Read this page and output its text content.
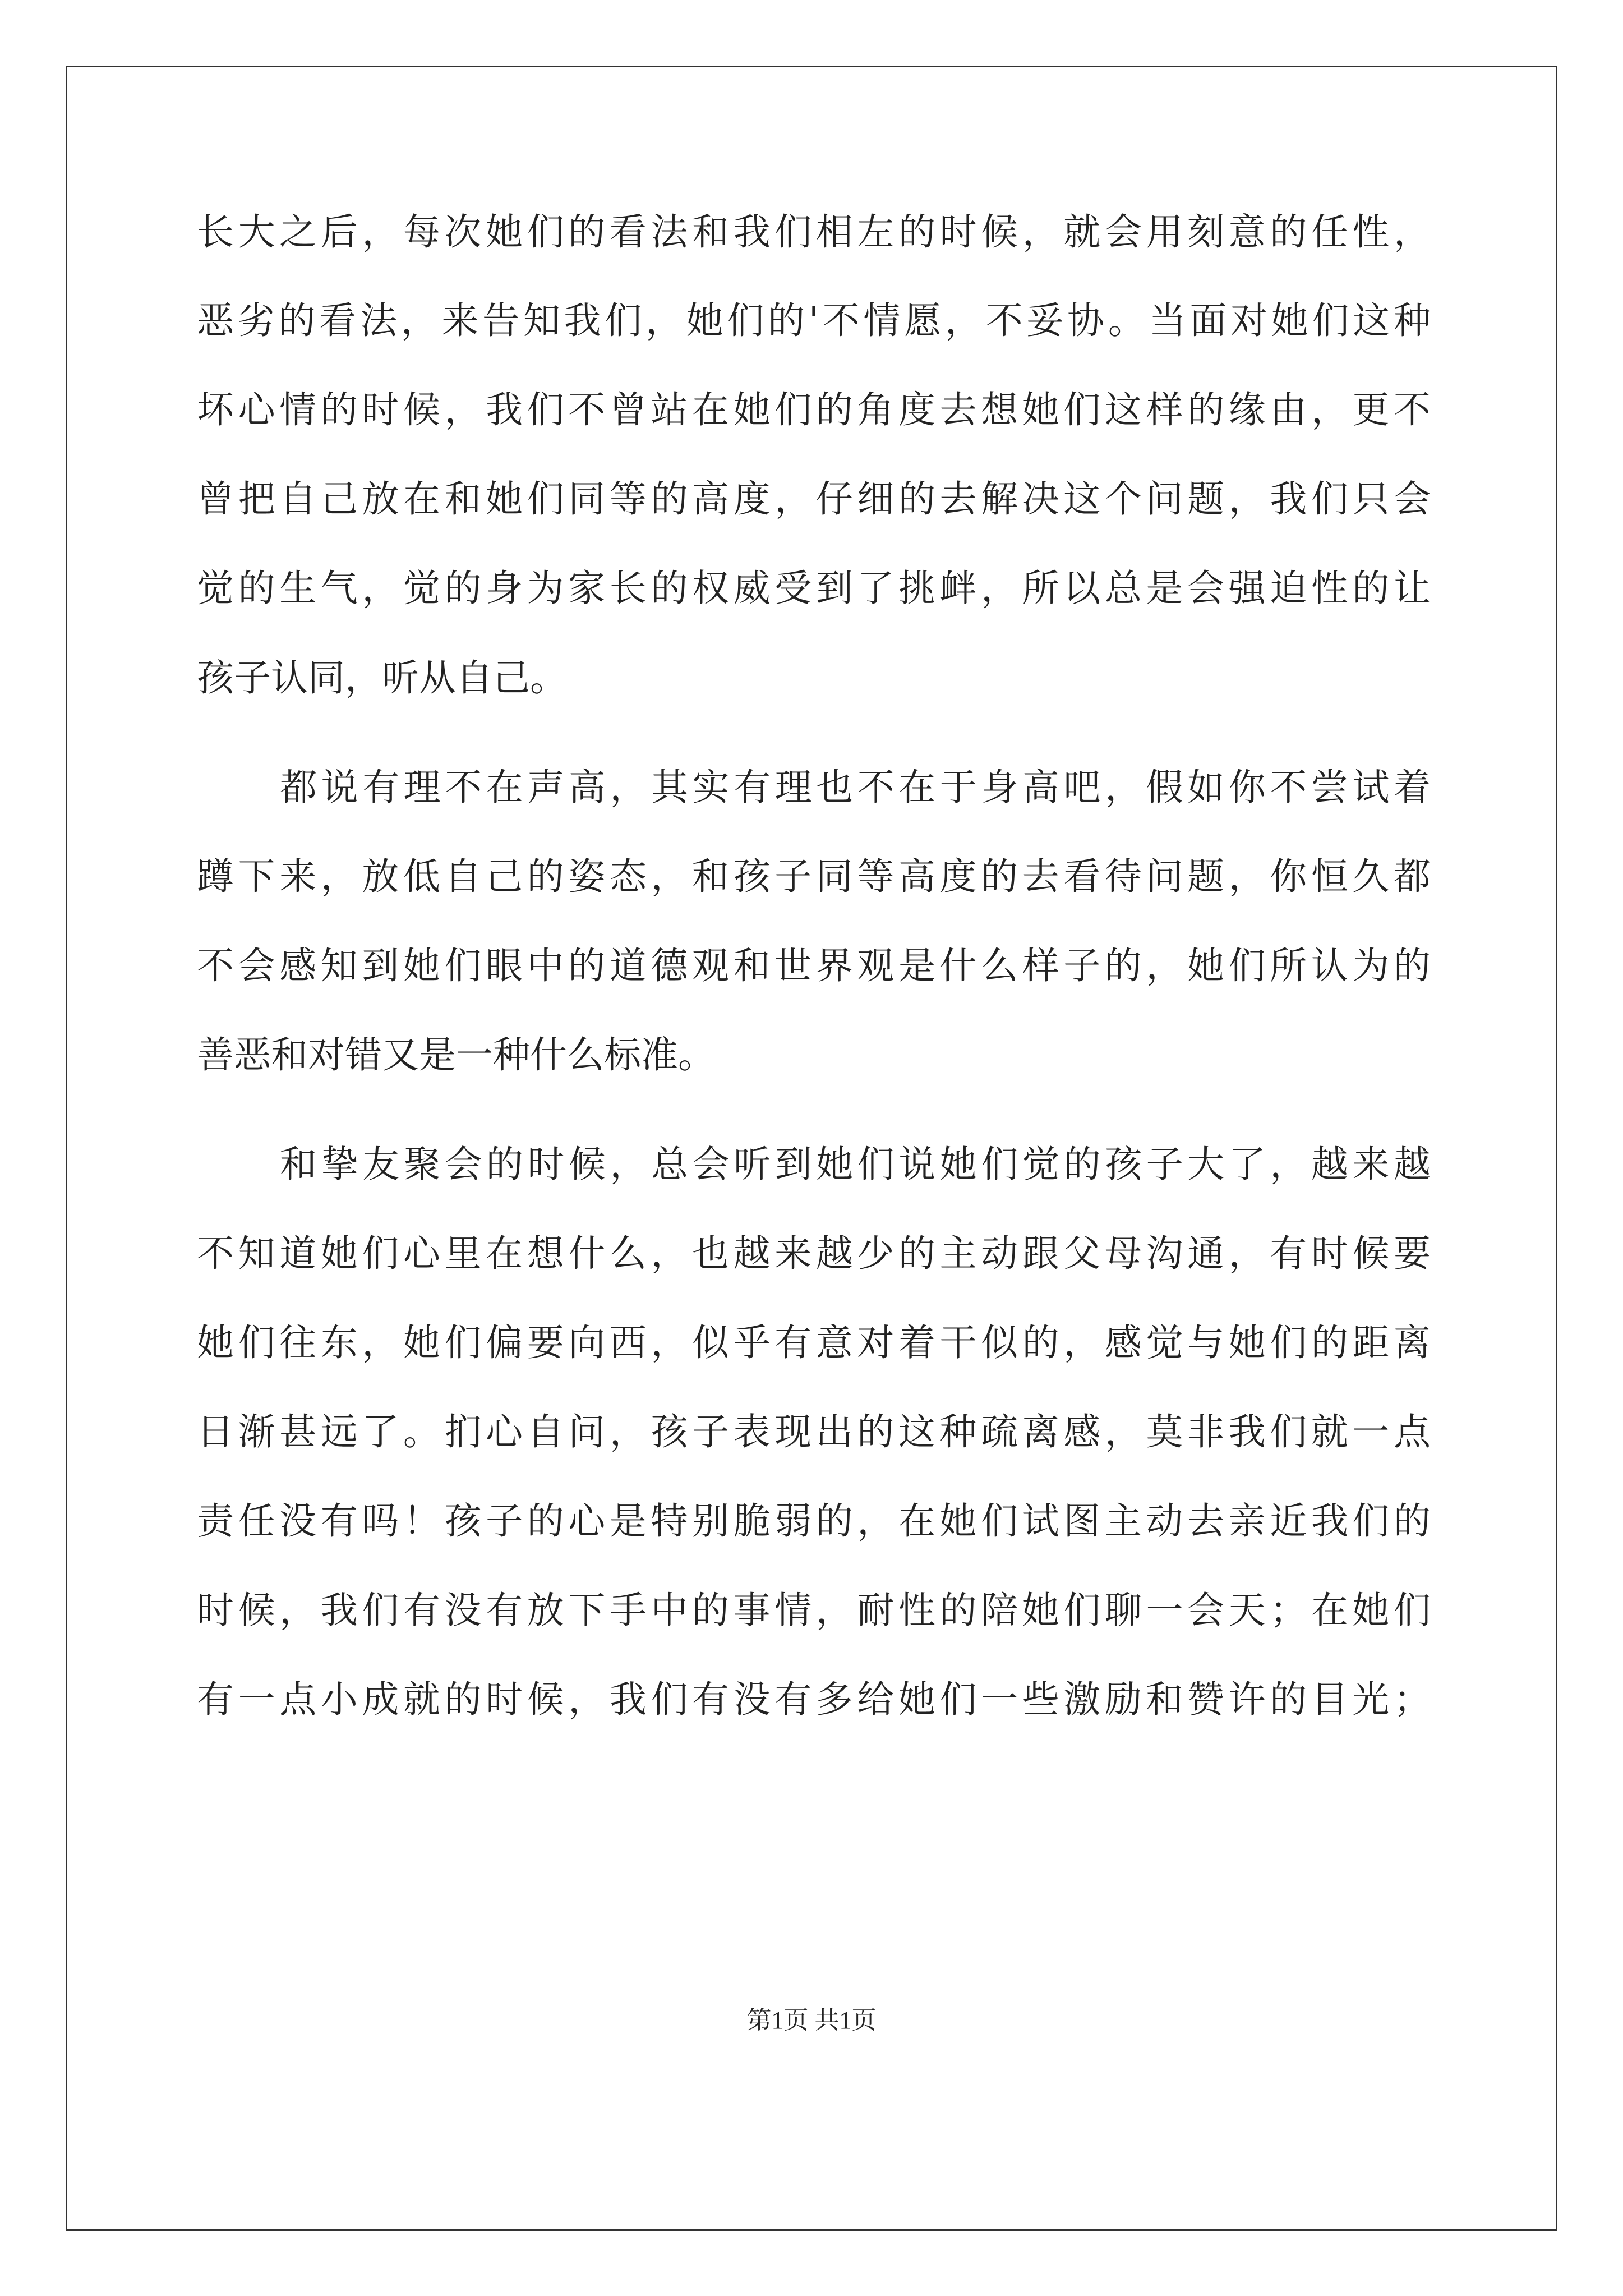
长大之后，每次她们的看法和我们相左的时候，就会用刻意的任性，
恶劣的看法，来告知我们，她们的'不情愿，不妥协。当面对她们这种
坏心情的时候，我们不曾站在她们的角度去想她们这样的缘由，更不
曾把自己放在和她们同等的高度，仔细的去解决这个问题，我们只会
觉的生气，觉的身为家长的权威受到了挑衅，所以总是会强迫性的让
孩子认同，听从自己。
都说有理不在声高，其实有理也不在于身高吧，假如你不尝试着
蹲下来，放低自己的姿态，和孩子同等高度的去看待问题，你恒久都
不会感知到她们眼中的道德观和世界观是什么样子的，她们所认为的
善恶和对错又是一种什么标准。
和挚友聚会的时候，总会听到她们说她们觉的孩子大了，越来越
不知道她们心里在想什么，也越来越少的主动跟父母沟通，有时候要
她们往东，她们偏要向西，似乎有意对着干似的，感觉与她们的距离
日渐甚远了。扪心自问，孩子表现出的这种疏离感，莫非我们就一点
责任没有吗！孩子的心是特别脆弱的，在她们试图主动去亲近我们的
时候，我们有没有放下手中的事情，耐性的陪她们聊一会天；在她们
有一点小成就的时候，我们有没有多给她们一些激励和赞许的目光；
第1页 共1页
